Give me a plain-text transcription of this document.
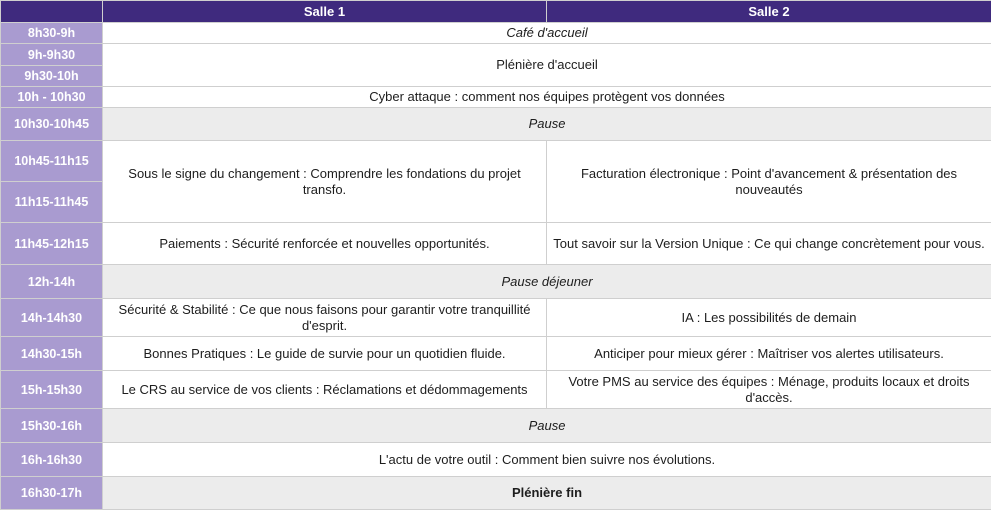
	Salle 1	Salle 2
8h30-9h	Café d'accueil	
9h-9h30	Plénière d'accueil	
9h30-10h		
10h - 10h30	Cyber attaque : comment nos équipes protègent vos données	
10h30-10h45	Pause	
10h45-11h15	Sous le signe du changement : Comprendre les fondations du projet transfo.	Facturation électronique : Point d'avancement & présentation des nouveautés
11h15-11h45		
11h45-12h15	Paiements : Sécurité renforcée et nouvelles opportunités.	Tout savoir sur la Version Unique : Ce qui change concrètement pour vous.
12h-14h	Pause déjeuner	
14h-14h30	Sécurité & Stabilité : Ce que nous faisons pour garantir votre tranquillité d'esprit.	IA : Les possibilités de demain
14h30-15h	Bonnes Pratiques : Le guide de survie pour un quotidien fluide.	Anticiper pour mieux gérer : Maîtriser vos alertes utilisateurs.
15h-15h30	Le CRS au service de vos clients : Réclamations et dédommagements	Votre PMS au service des équipes : Ménage, produits locaux et droits d'accès.
15h30-16h	Pause	
16h-16h30	L'actu de votre outil : Comment bien suivre nos évolutions.	
16h30-17h	Plénière fin	
